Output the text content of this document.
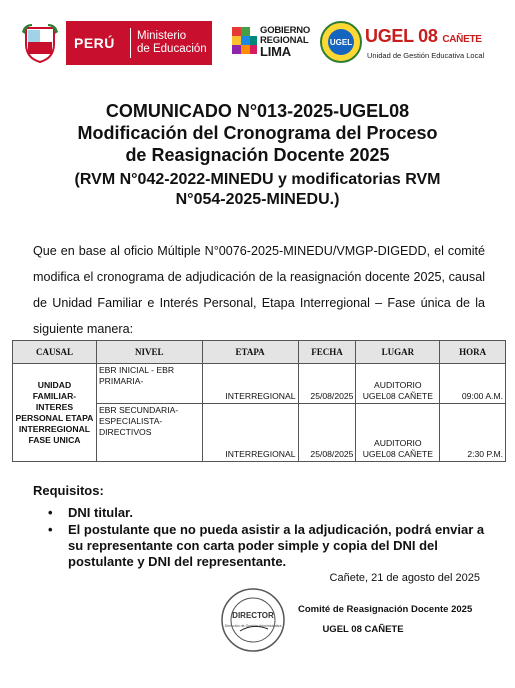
PERÚ	Ministerio
de Educación
GOBIERNO
REGIONAL
LIMA
UGEL UGEL 08 CAÑETE
Unidad de Gestión Educativa Local
COMUNICADO N°013-2025-UGEL08
Modificación del Cronograma del Proceso
de Reasignación Docente 2025
(RVM N°042-2022-MINEDU y modificatorias RVM
N°054-2025-MINEDU.)
Que en base al oficio Múltiple N°0076-2025-MINEDU/VMGP-DIGEDD, el comité modifica el cronograma de adjudicación de la reasignación docente 2025, causal de Unidad Familiar e Interés Personal, Etapa Interregional – Fase única de la siguiente manera:
CAUSAL	NIVEL	ETAPA	FECHA	LUGAR	HORA
UNIDAD FAMILIAR- INTERES PERSONAL ETAPA INTERREGIONAL FASE UNICA	EBR INICIAL - EBR PRIMARIA-	INTERREGIONAL	25/08/2025	AUDITORIO UGEL08 CAÑETE	09:00 A.M.
	EBR SECUNDARIA- ESPECIALISTA- DIRECTIVOS	INTERREGIONAL	25/08/2025	AUDITORIO UGEL08 CAÑETE	2:30 P.M.
Requisitos:
• DNI titular.
• El postulante que no pueda asistir a la adjudicación, podrá enviar a su representante con carta poder simple y copia del DNI del postulante y DNI del representante.
Cañete, 21 de agosto del 2025
DIRECTOR
Dirección de Gestión Administrativa
Comité de Reasignación Docente 2025
UGEL 08 CAÑETE
